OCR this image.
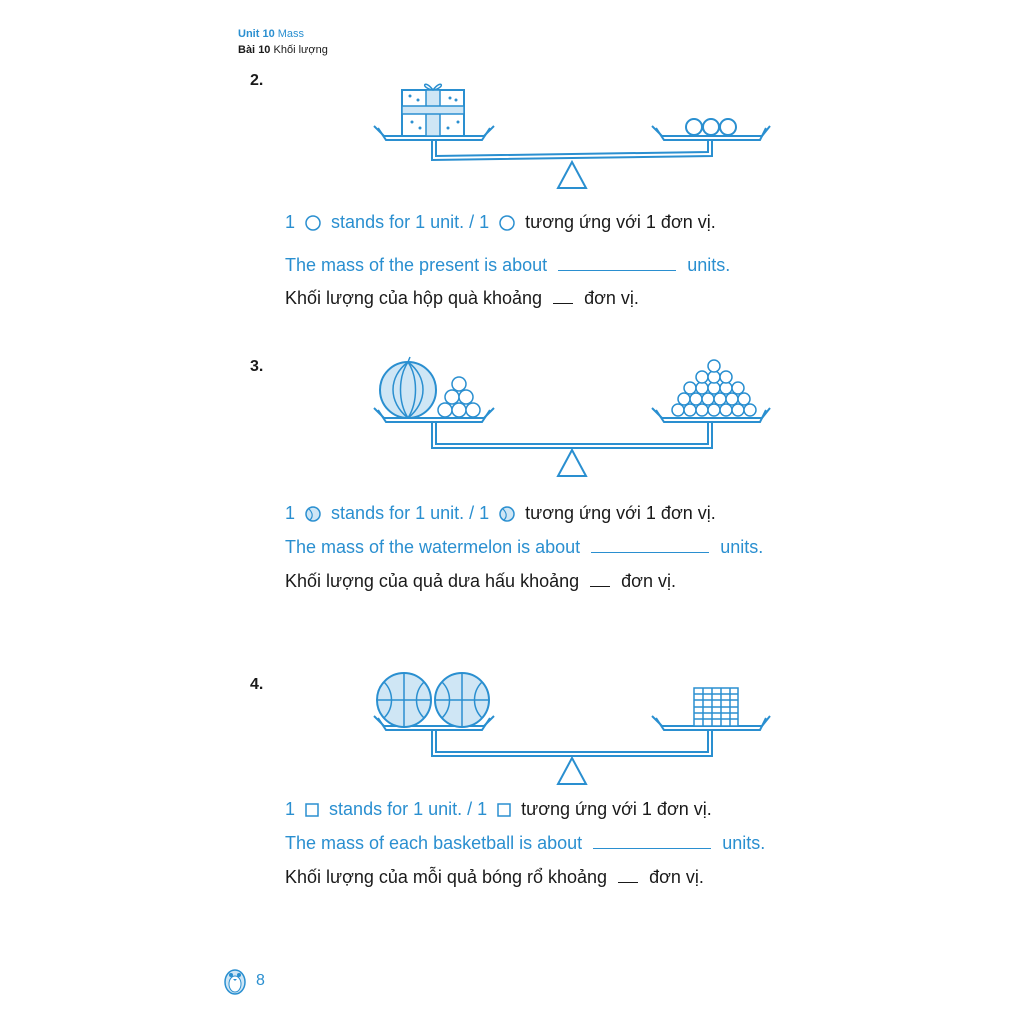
Unit 10 Mass
Bài 10 Khối lượng
2.
1 stands for 1 unit. / 1 tương ứng với 1 đơn vị.
The mass of the present is about	units.
Khối lượng của hộp quà khoảng đơn vị.
3.
1 stands for 1 unit. / 1 tương ứng với 1 đơn vị.
The mass of the watermelon is about	units.
Khối lượng của quả dưa hấu khoảng đơn vị.
4.
1 stands for 1 unit. / 1 tương ứng với 1 đơn vị.
The mass of each basketball is about	units.
Khối lượng của mỗi quả bóng rổ khoảng đơn vị.
8
